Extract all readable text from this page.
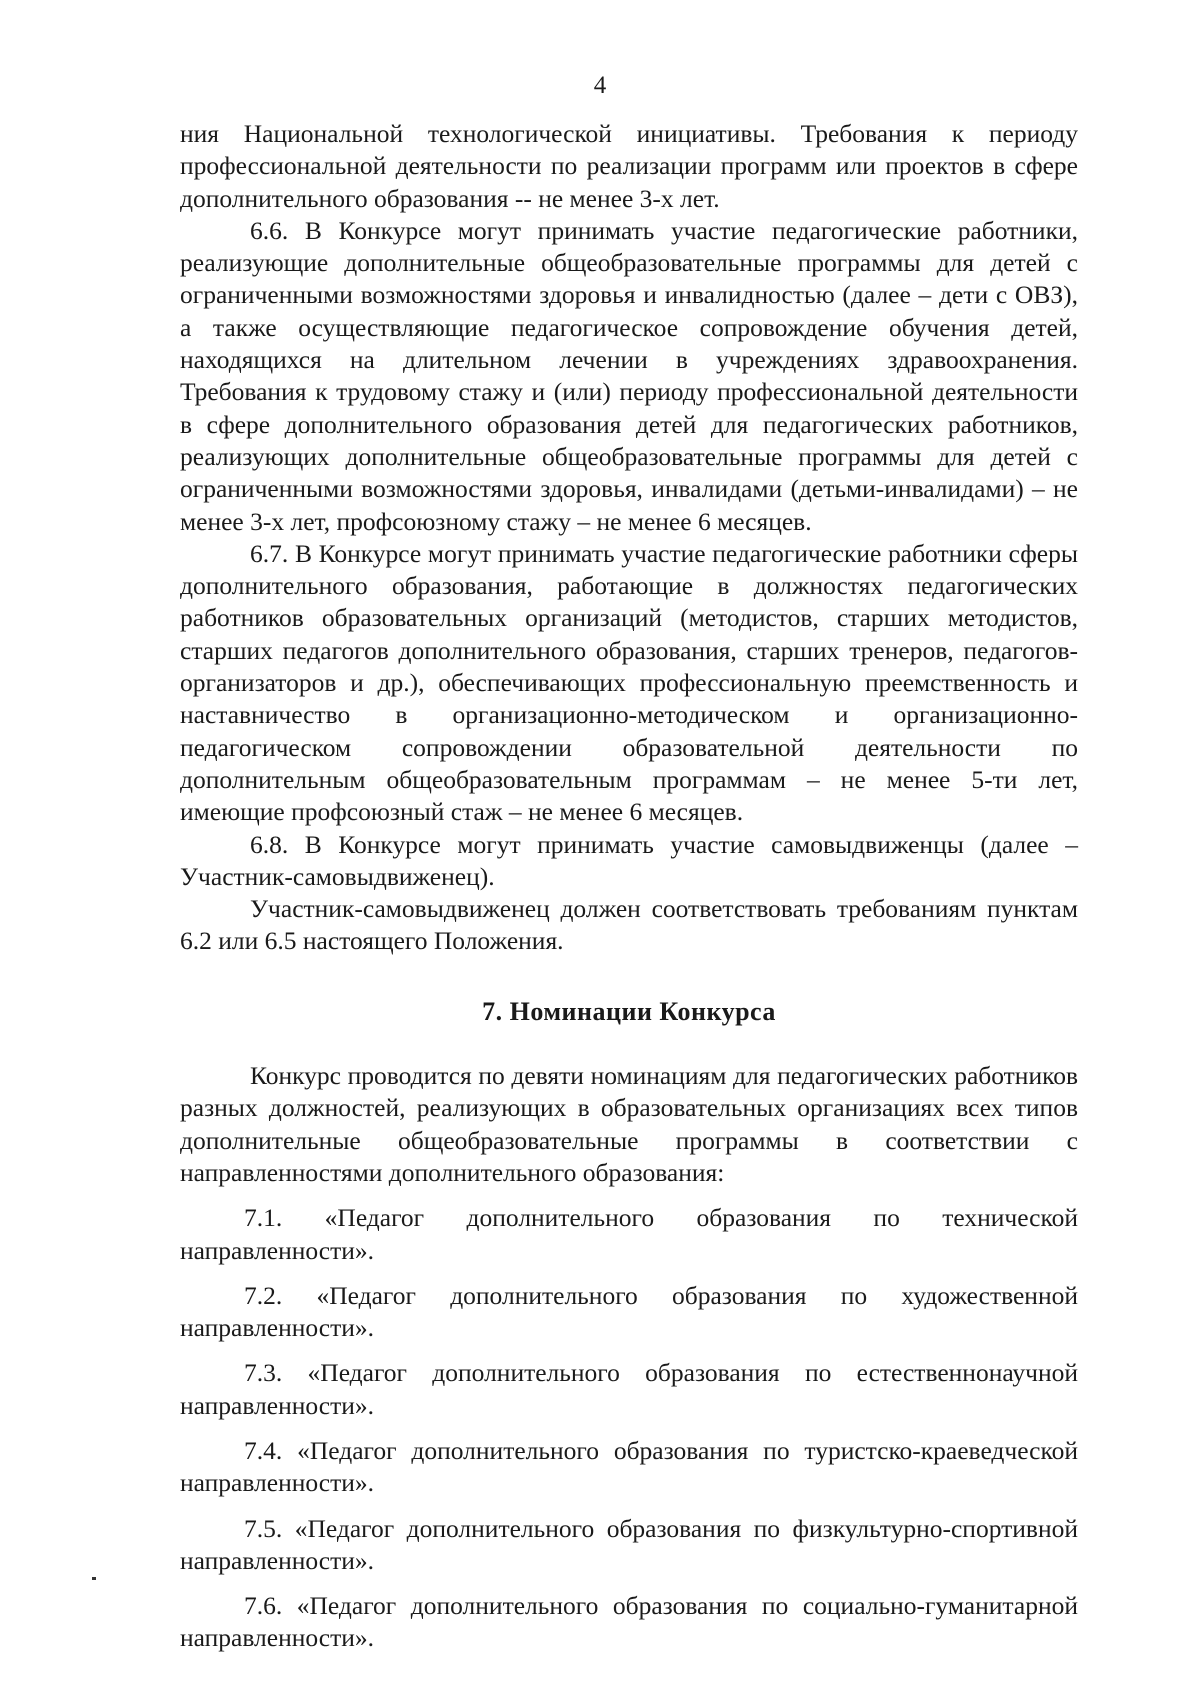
4

ния Национальной технологической инициативы. Требования к периоду профессиональной деятельности по реализации программ или проектов в сфере дополнительного образования -- не менее 3-х лет.

6.6. В Конкурсе могут принимать участие педагогические работники, реализующие дополнительные общеобразовательные программы для детей с ограниченными возможностями здоровья и инвалидностью (далее – дети с ОВЗ), а также осуществляющие педагогическое сопровождение обучения детей, находящихся на длительном лечении в учреждениях здравоохранения. Требования к трудовому стажу и (или) периоду профессиональной деятельности в сфере дополнительного образования детей для педагогических работников, реализующих дополнительные общеобразовательные программы для детей с ограниченными возможностями здоровья, инвалидами (детьми-инвалидами) – не менее 3-х лет, профсоюзному стажу – не менее 6 месяцев.

6.7. В Конкурсе могут принимать участие педагогические работники сферы дополнительного образования, работающие в должностях педагогических работников образовательных организаций (методистов, старших методистов, старших педагогов дополнительного образования, старших тренеров, педагогов-организаторов и др.), обеспечивающих профессиональную преемственность и наставничество в организационно-методическом и организационно-педагогическом сопровождении образовательной деятельности по дополнительным общеобразовательным программам – не менее 5-ти лет, имеющие профсоюзный стаж – не менее 6 месяцев.

6.8. В Конкурсе могут принимать участие самовыдвиженцы (далее – Участник-самовыдвиженец).

Участник-самовыдвиженец должен соответствовать требованиям пунктам 6.2 или 6.5 настоящего Положения.

7. Номинации Конкурса

Конкурс проводится по девяти номинациям для педагогических работников разных должностей, реализующих в образовательных организациях всех типов дополнительные общеобразовательные программы в соответствии с направленностями дополнительного образования:

7.1. «Педагог дополнительного образования по технической направленности».

7.2. «Педагог дополнительного образования по художественной направленности».

7.3. «Педагог дополнительного образования по естественнонаучной направленности».

7.4. «Педагог дополнительного образования по туристско-краеведческой направленности».

7.5. «Педагог дополнительного образования по физкультурно-спортивной направленности».

7.6. «Педагог дополнительного образования по социально-гуманитарной направленности».
